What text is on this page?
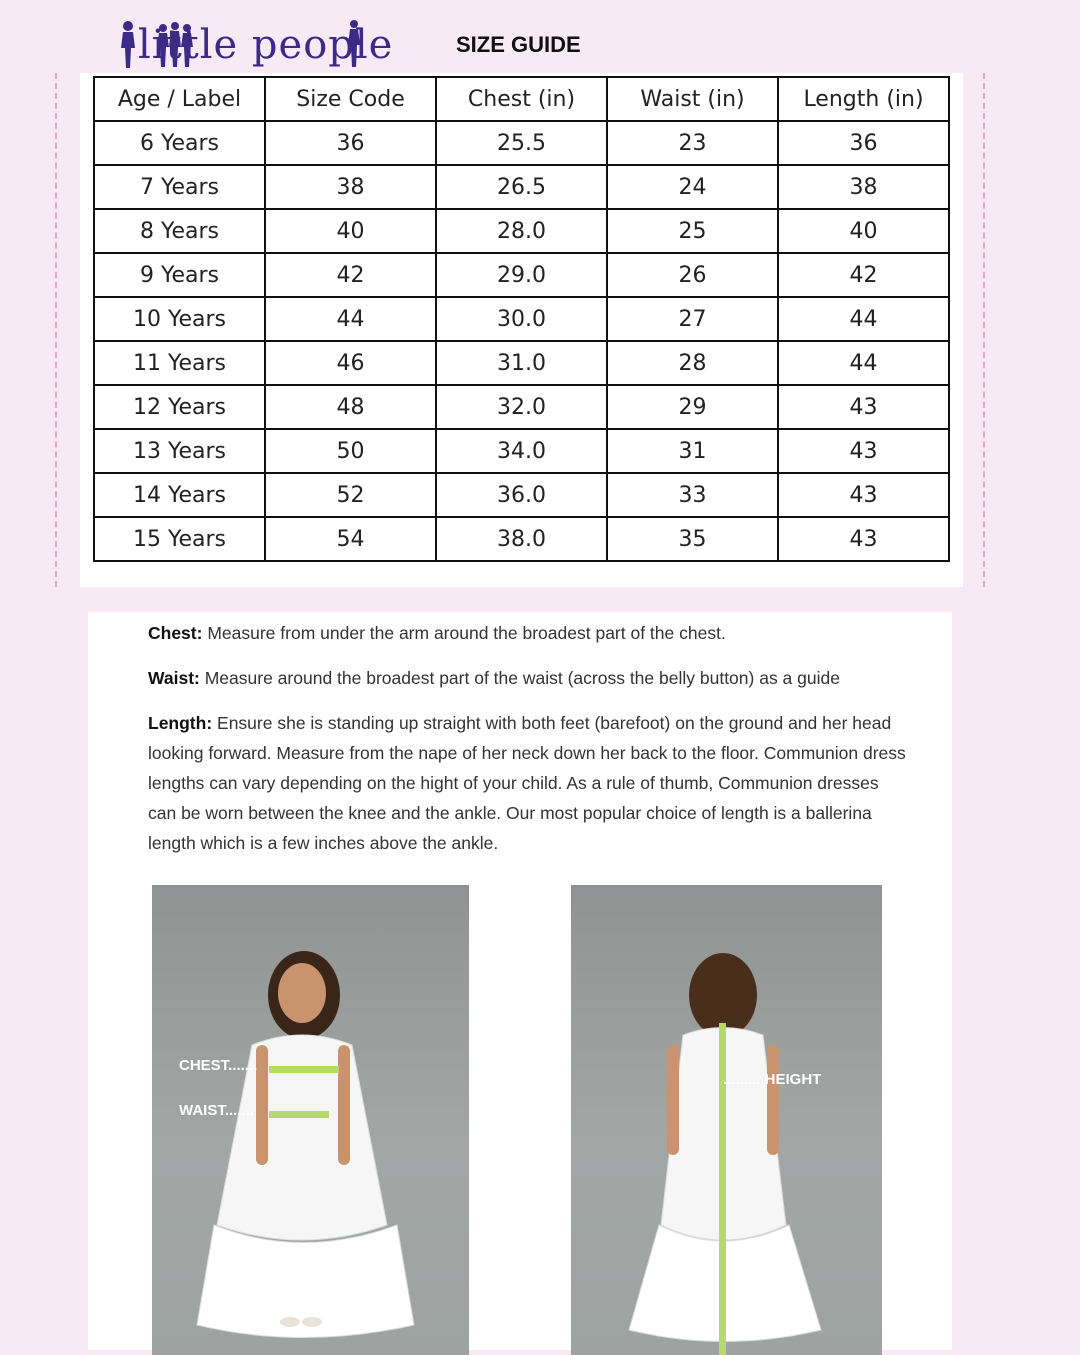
little people	SIZE GUIDE
Age / Label	Size Code	Chest (in)	Waist (in)	Length (in)
6 Years	36	25.5	23	36
7 Years	38	26.5	24	38
8 Years	40	28.0	25	40
9 Years	42	29.0	26	42
10 Years	44	30.0	27	44
11 Years	46	31.0	28	44
12 Years	48	32.0	29	43
13 Years	50	34.0	31	43
14 Years	52	36.0	33	43
15 Years	54	38.0	35	43
Chest: Measure from under the arm around the broadest part of the chest.
Waist: Measure around the broadest part of the waist (across the belly button) as a guide
Length: Ensure she is standing up straight with both feet (barefoot) on the ground and her head looking forward. Measure from the nape of her neck down her back to the floor. Communion dress lengths can vary depending on the hight of your child. As a rule of thumb, Communion dresses can be worn between the knee and the ankle. Our most popular choice of length is a ballerina length which is a few inches above the ankle.
CHEST.......
WAIST.......
..........HEIGHT
